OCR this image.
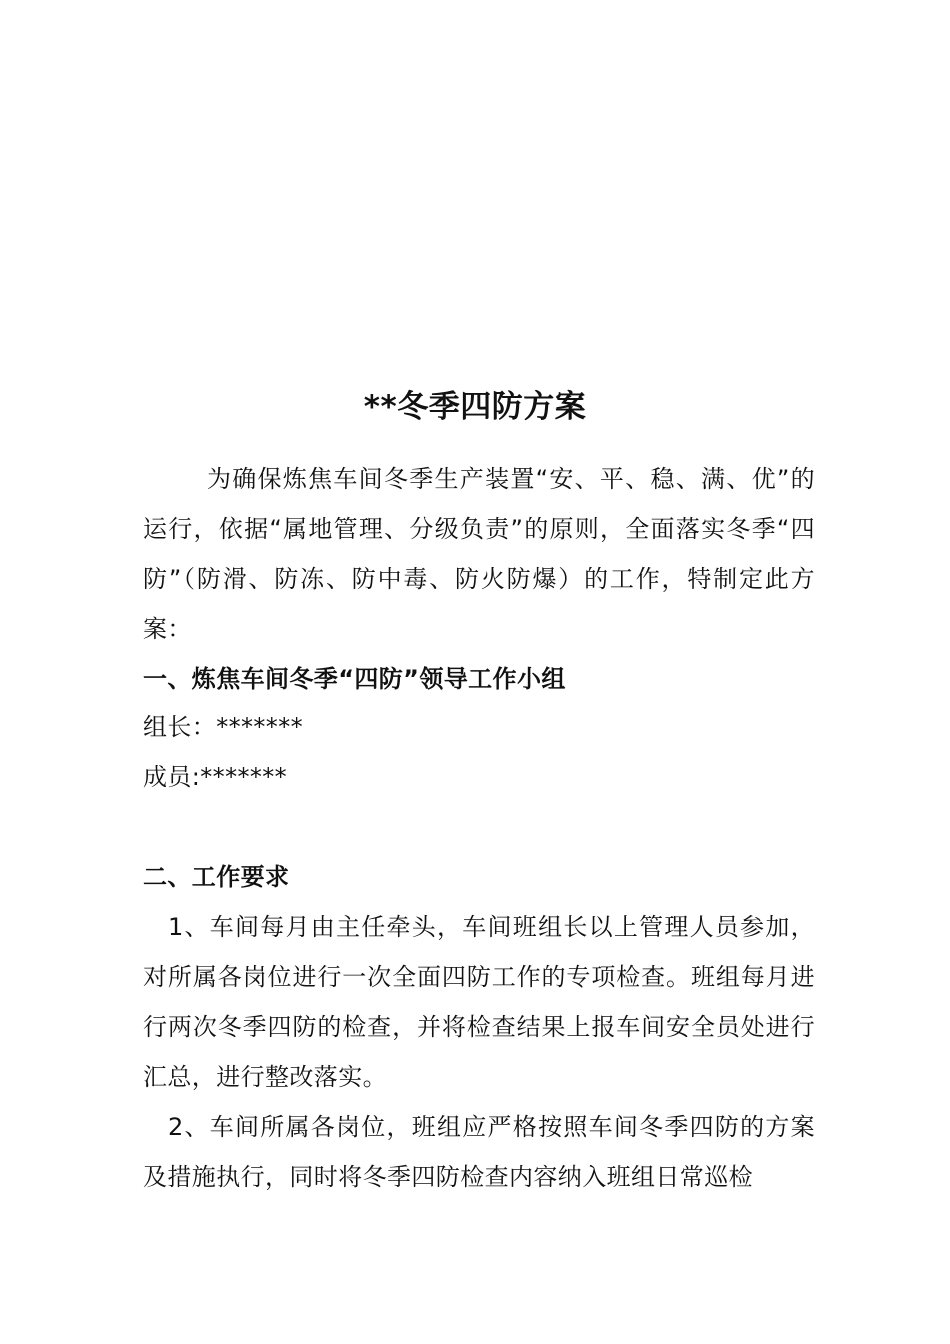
**冬季四防方案
为确保炼焦车间冬季生产装置“安、平、稳、满、优”的运行，依据“属地管理、分级负责”的原则，全面落实冬季“四防”（防滑、防冻、防中毒、防火防爆）的工作，特制定此方案：
一、炼焦车间冬季“四防”领导工作小组
组长：*******
成员:*******
二、工作要求
1、车间每月由主任牵头，车间班组长以上管理人员参加，对所属各岗位进行一次全面四防工作的专项检查。班组每月进行两次冬季四防的检查，并将检查结果上报车间安全员处进行汇总，进行整改落实。
2、车间所属各岗位，班组应严格按照车间冬季四防的方案及措施执行，同时将冬季四防检查内容纳入班组日常巡检
